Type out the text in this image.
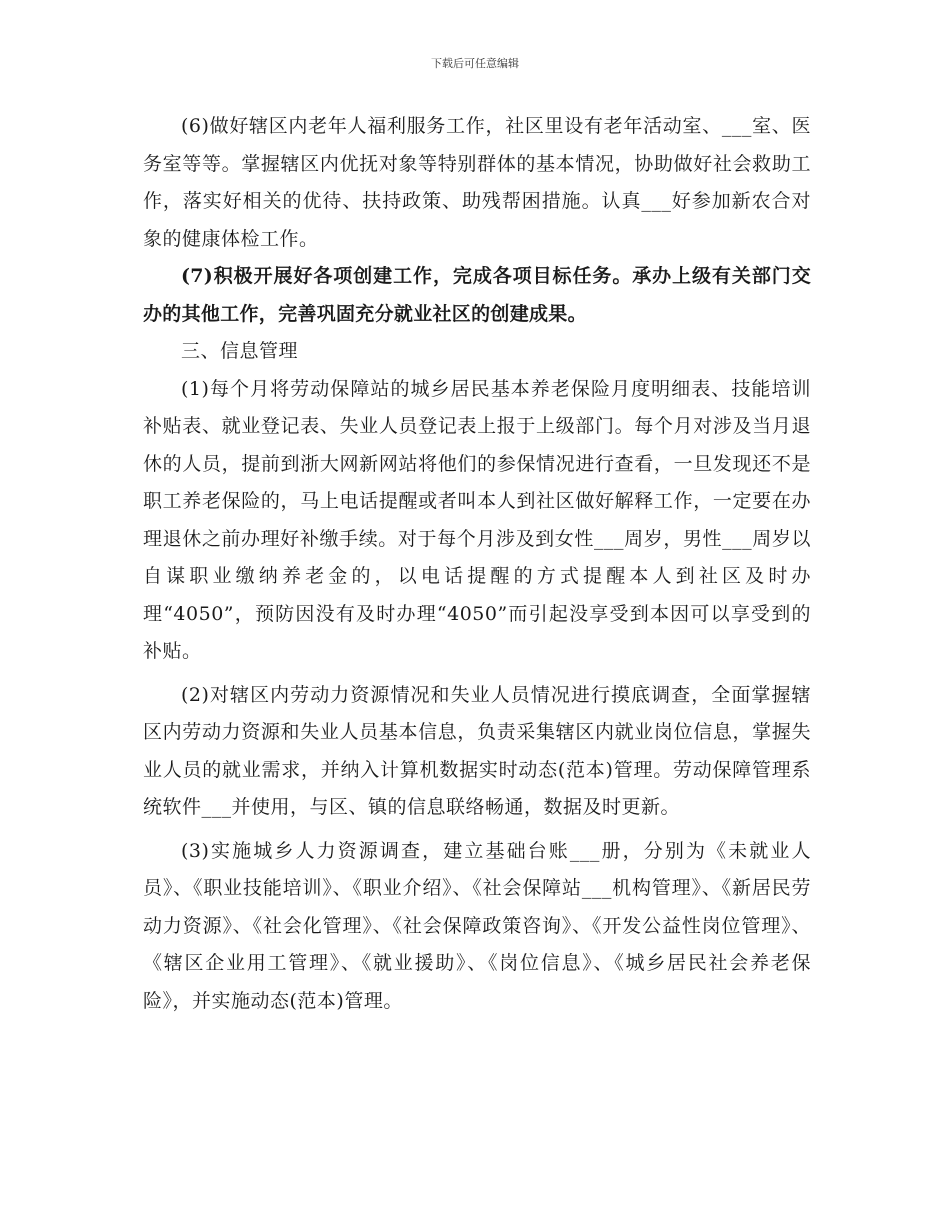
下载后可任意编辑

(6)做好辖区内老年人福利服务工作，社区里设有老年活动室、___室、医务室等等。掌握辖区内优抚对象等特别群体的基本情况，协助做好社会救助工作，落实好相关的优待、扶持政策、助残帮困措施。认真___好参加新农合对象的健康体检工作。

(7)积极开展好各项创建工作，完成各项目标任务。承办上级有关部门交办的其他工作，完善巩固充分就业社区的创建成果。

三、信息管理

(1)每个月将劳动保障站的城乡居民基本养老保险月度明细表、技能培训补贴表、就业登记表、失业人员登记表上报于上级部门。每个月对涉及当月退休的人员，提前到浙大网新网站将他们的参保情况进行查看，一旦发现还不是职工养老保险的，马上电话提醒或者叫本人到社区做好解释工作，一定要在办理退休之前办理好补缴手续。对于每个月涉及到女性___周岁，男性___周岁以自谋职业缴纳养老金的，以电话提醒的方式提醒本人到社区及时办理“4050”，预防因没有及时办理“4050”而引起没享受到本因可以享受到的补贴。

(2)对辖区内劳动力资源情况和失业人员情况进行摸底调查，全面掌握辖区内劳动力资源和失业人员基本信息，负责采集辖区内就业岗位信息，掌握失业人员的就业需求，并纳入计算机数据实时动态(范本)管理。劳动保障管理系统软件___并使用，与区、镇的信息联络畅通，数据及时更新。

(3)实施城乡人力资源调查，建立基础台账___册，分别为《未就业人员》、《职业技能培训》、《职业介绍》、《社会保障站___机构管理》、《新居民劳动力资源》、《社会化管理》、《社会保障政策咨询》、《开发公益性岗位管理》、《辖区企业用工管理》、《就业援助》、《岗位信息》、《城乡居民社会养老保险》，并实施动态(范本)管理。
